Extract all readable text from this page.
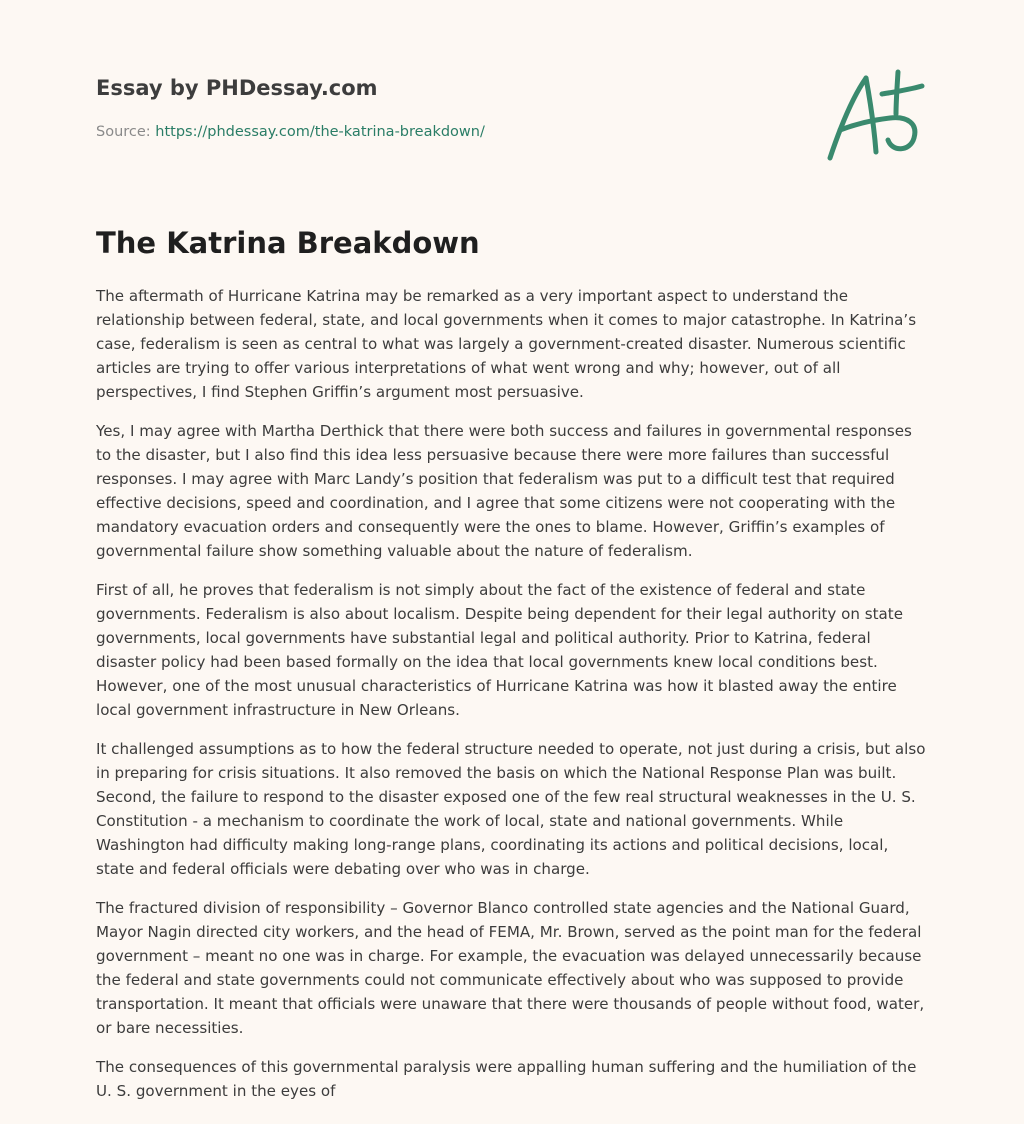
Essay by PHDessay.com
Source: https://phdessay.com/the-katrina-breakdown/
The Katrina Breakdown

The aftermath of Hurricane Katrina may be remarked as a very important aspect to understand the relationship between federal, state, and local governments when it comes to major catastrophe. In Katrina’s case, federalism is seen as central to what was largely a government-created disaster. Numerous scientific articles are trying to offer various interpretations of what went wrong and why; however, out of all perspectives, I find Stephen Griffin’s argument most persuasive.

Yes, I may agree with Martha Derthick that there were both success and failures in governmental responses to the disaster, but I also find this idea less persuasive because there were more failures than successful responses. I may agree with Marc Landy’s position that federalism was put to a difficult test that required effective decisions, speed and coordination, and I agree that some citizens were not cooperating with the mandatory evacuation orders and consequently were the ones to blame. However, Griffin’s examples of governmental failure show something valuable about the nature of federalism.

First of all, he proves that federalism is not simply about the fact of the existence of federal and state governments. Federalism is also about localism. Despite being dependent for their legal authority on state governments, local governments have substantial legal and political authority. Prior to Katrina, federal disaster policy had been based formally on the idea that local governments knew local conditions best. However, one of the most unusual characteristics of Hurricane Katrina was how it blasted away the entire local government infrastructure in New Orleans.

It challenged assumptions as to how the federal structure needed to operate, not just during a crisis, but also in preparing for crisis situations. It also removed the basis on which the National Response Plan was built. Second, the failure to respond to the disaster exposed one of the few real structural weaknesses in the U. S. Constitution - a mechanism to coordinate the work of local, state and national governments. While Washington had difficulty making long-range plans, coordinating its actions and political decisions, local, state and federal officials were debating over who was in charge.

The fractured division of responsibility – Governor Blanco controlled state agencies and the National Guard, Mayor Nagin directed city workers, and the head of FEMA, Mr. Brown, served as the point man for the federal government – meant no one was in charge. For example, the evacuation was delayed unnecessarily because the federal and state governments could not communicate effectively about who was supposed to provide transportation. It meant that officials were unaware that there were thousands of people without food, water, or bare necessities.

The consequences of this governmental paralysis were appalling human suffering and the humiliation of the U. S. government in the eyes of
